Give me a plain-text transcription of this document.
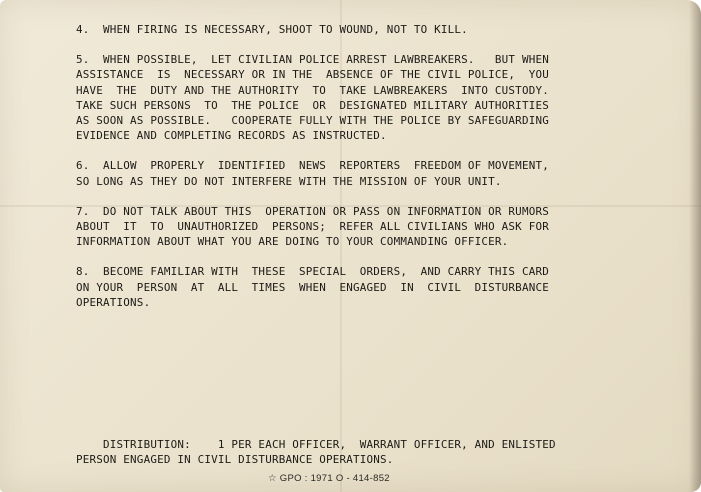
4.  WHEN FIRING IS NECESSARY, SHOOT TO WOUND, NOT TO KILL.

5.  WHEN POSSIBLE,  LET CIVILIAN POLICE ARREST LAWBREAKERS.   BUT WHEN
ASSISTANCE  IS  NECESSARY OR IN THE  ABSENCE OF THE CIVIL POLICE,  YOU
HAVE  THE  DUTY AND THE AUTHORITY  TO  TAKE LAWBREAKERS  INTO CUSTODY.
TAKE SUCH PERSONS  TO  THE POLICE  OR  DESIGNATED MILITARY AUTHORITIES
AS SOON AS POSSIBLE.   COOPERATE FULLY WITH THE POLICE BY SAFEGUARDING
EVIDENCE AND COMPLETING RECORDS AS INSTRUCTED.

6.  ALLOW  PROPERLY  IDENTIFIED  NEWS  REPORTERS  FREEDOM OF MOVEMENT,
SO LONG AS THEY DO NOT INTERFERE WITH THE MISSION OF YOUR UNIT.

7.  DO NOT TALK ABOUT THIS  OPERATION OR PASS ON INFORMATION OR RUMORS
ABOUT  IT  TO  UNAUTHORIZED  PERSONS;  REFER ALL CIVILIANS WHO ASK FOR
INFORMATION ABOUT WHAT YOU ARE DOING TO YOUR COMMANDING OFFICER.

8.  BECOME FAMILIAR WITH  THESE  SPECIAL  ORDERS,  AND CARRY THIS CARD
ON YOUR  PERSON  AT  ALL  TIMES  WHEN  ENGAGED  IN  CIVIL  DISTURBANCE
OPERATIONS.

DISTRIBUTION:    1 PER EACH OFFICER,  WARRANT OFFICER, AND ENLISTED
PERSON ENGAGED IN CIVIL DISTURBANCE OPERATIONS.
☆ GPO : 1971 O - 414-852
